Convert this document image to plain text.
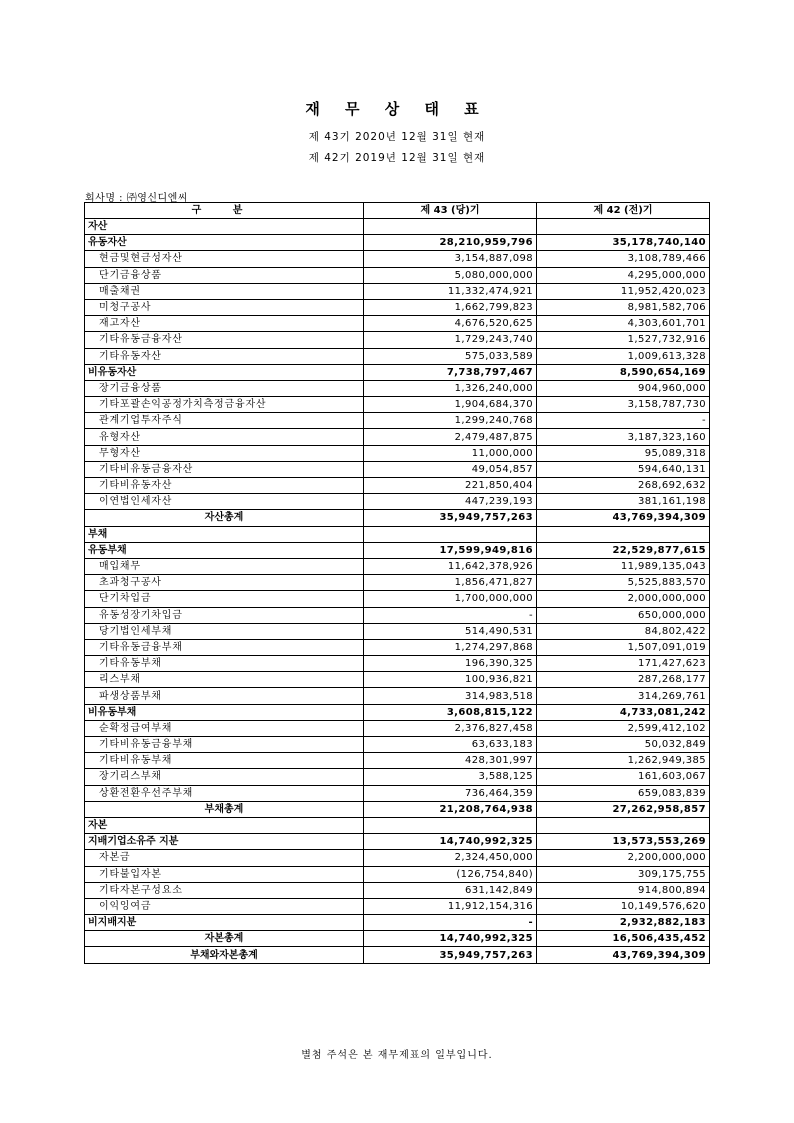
재 무 상 태 표
제 43기 2020년 12월 31일 현재
제 42기 2019년 12월 31일 현재
회사명 : ㈜영신디엔씨
구 분	제 43 (당)기	제 42 (전)기
자산		
유동자산	28,210,959,796	35,178,740,140
현금및현금성자산	3,154,887,098	3,108,789,466
단기금융상품	5,080,000,000	4,295,000,000
매출채권	11,332,474,921	11,952,420,023
미청구공사	1,662,799,823	8,981,582,706
재고자산	4,676,520,625	4,303,601,701
기타유동금융자산	1,729,243,740	1,527,732,916
기타유동자산	575,033,589	1,009,613,328
비유동자산	7,738,797,467	8,590,654,169
장기금융상품	1,326,240,000	904,960,000
기타포괄손익공정가치측정금융자산	1,904,684,370	3,158,787,730
관계기업투자주식	1,299,240,768	-
유형자산	2,479,487,875	3,187,323,160
무형자산	11,000,000	95,089,318
기타비유동금융자산	49,054,857	594,640,131
기타비유동자산	221,850,404	268,692,632
이연법인세자산	447,239,193	381,161,198
자산총계	35,949,757,263	43,769,394,309
부채		
유동부채	17,599,949,816	22,529,877,615
매입채무	11,642,378,926	11,989,135,043
초과청구공사	1,856,471,827	5,525,883,570
단기차입금	1,700,000,000	2,000,000,000
유동성장기차입금	-	650,000,000
당기법인세부채	514,490,531	84,802,422
기타유동금융부채	1,274,297,868	1,507,091,019
기타유동부채	196,390,325	171,427,623
리스부채	100,936,821	287,268,177
파생상품부채	314,983,518	314,269,761
비유동부채	3,608,815,122	4,733,081,242
순확정급여부채	2,376,827,458	2,599,412,102
기타비유동금융부채	63,633,183	50,032,849
기타비유동부채	428,301,997	1,262,949,385
장기리스부채	3,588,125	161,603,067
상환전환우선주부채	736,464,359	659,083,839
부채총계	21,208,764,938	27,262,958,857
자본		
지배기업소유주 지분	14,740,992,325	13,573,553,269
자본금	2,324,450,000	2,200,000,000
기타불입자본	(126,754,840)	309,175,755
기타자본구성요소	631,142,849	914,800,894
이익잉여금	11,912,154,316	10,149,576,620
비지배지분	-	2,932,882,183
자본총계	14,740,992,325	16,506,435,452
부채와자본총계	35,949,757,263	43,769,394,309
별첨 주석은 본 재무제표의 일부입니다.
